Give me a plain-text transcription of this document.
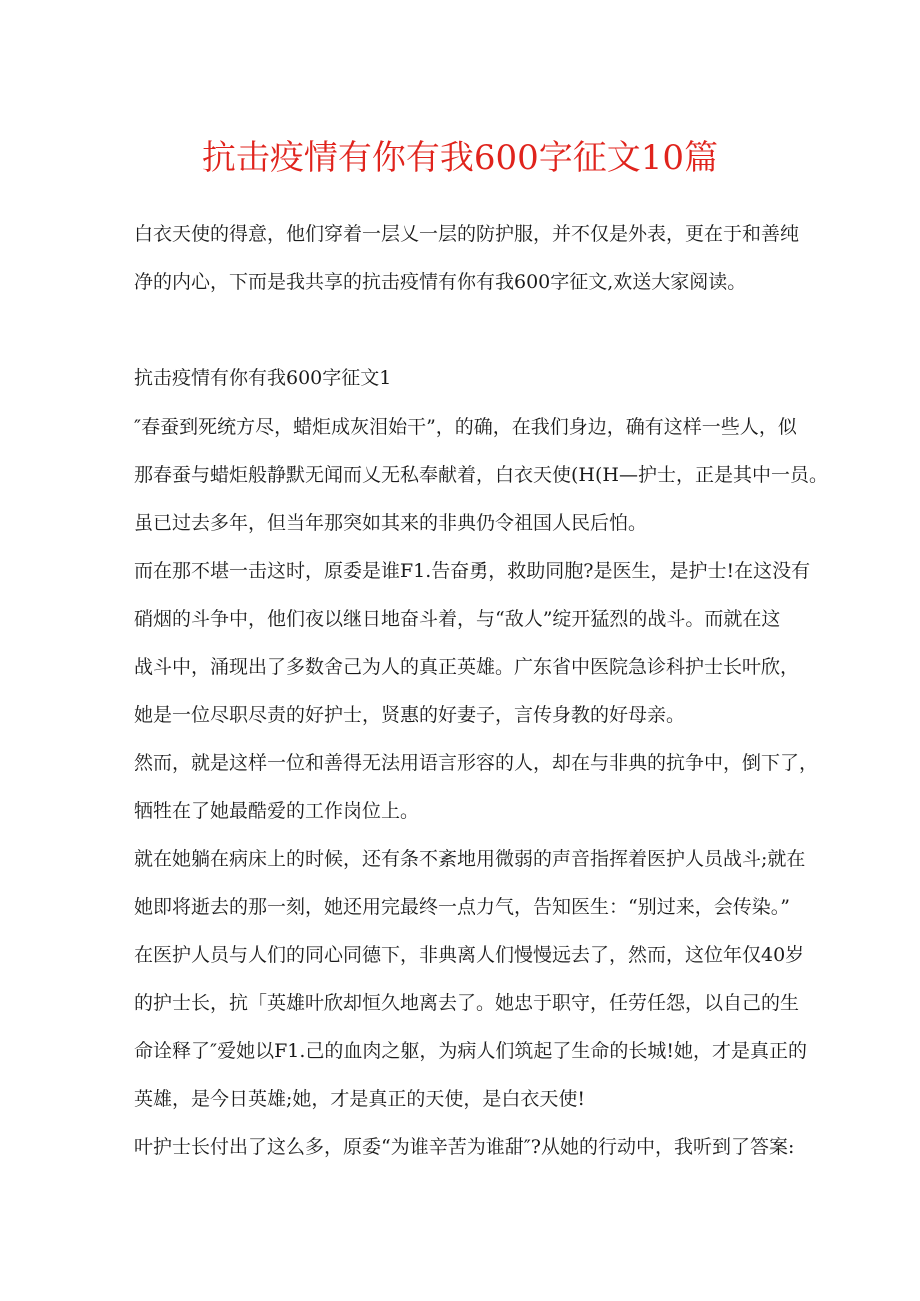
抗击疫情有你有我600字征文10篇
白衣天使的得意，他们穿着一层乂一层的防护服，并不仅是外表，更在于和善纯
净的内心，下而是我共享的抗击疫情有你有我600字征文,欢送大家阅读。
抗击疫情有你有我600字征文1
″春蚕到死统方尽，蜡炬成灰泪始干”，的确，在我们身边，确有这样一些人，似
那春蚕与蜡炬般静默无闻而乂无私奉献着，白衣天使(H(H—护士，正是其中一员。
虽已过去多年，但当年那突如其来的非典仍令祖国人民后怕。
而在那不堪一击这时，原委是谁F1.告奋勇，救助同胞?是医生，是护士!在这没有
硝烟的斗争中，他们夜以继日地奋斗着，与“敌人”绽开猛烈的战斗。而就在这
战斗中，涌现出了多数舍己为人的真正英雄。广东省中医院急诊科护士长叶欣，
她是一位尽职尽责的好护士，贤惠的好妻子，言传身教的好母亲。
然而，就是这样一位和善得无法用语言形容的人，却在与非典的抗争中，倒下了，
牺牲在了她最酷爱的工作岗位上。
就在她躺在病床上的时候，还有条不紊地用微弱的声音指挥着医护人员战斗;就在
她即将逝去的那一刻，她还用完最终一点力气，告知医生：“别过来，会传染。”
在医护人员与人们的同心同德下，非典离人们慢慢远去了，然而，这位年仅40岁
的护士长，抗「英雄叶欣却恒久地离去了。她忠于职守，任劳任怨，以自己的生
命诠释了″爱她以F1.己的血肉之躯，为病人们筑起了生命的长城!她，才是真正的
英雄，是今日英雄;她，才是真正的天使，是白衣天使!
叶护士长付出了这么多，原委“为谁辛苦为谁甜″?从她的行动中，我听到了答案:
